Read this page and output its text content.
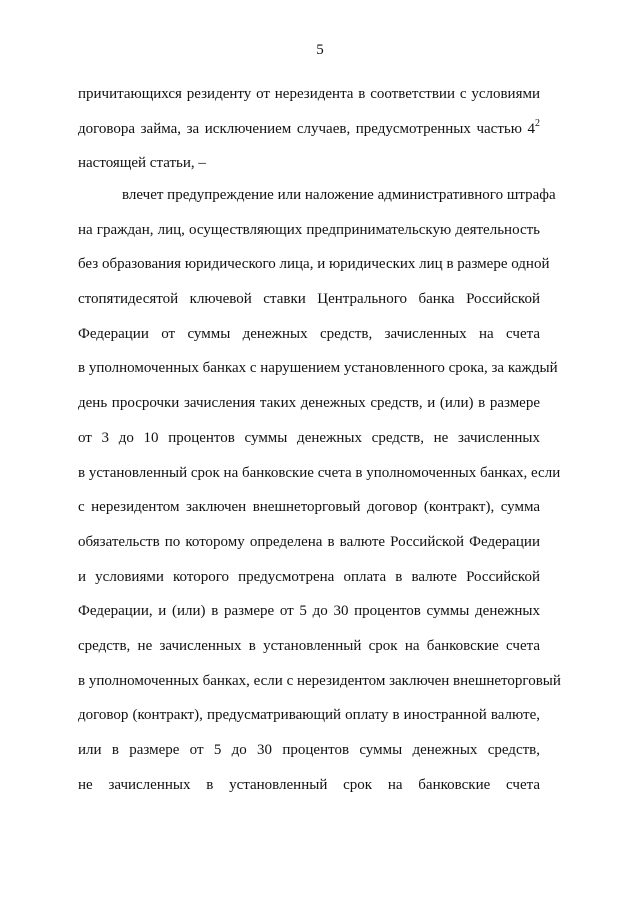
5
причитающихся резиденту от нерезидента в соответствии с условиями
договора займа, за исключением случаев, предусмотренных частью $4^2$
настоящей статьи, –
влечет предупреждение или наложение административного штрафа
на граждан, лиц, осуществляющих предпринимательскую деятельность
без образования юридического лица, и юридических лиц в размере одной
стопятидесятой ключевой ставки Центрального банка Российской
Федерации от суммы денежных средств, зачисленных на счета
в уполномоченных банках с нарушением установленного срока, за каждый
день просрочки зачисления таких денежных средств, и (или) в размере
от 3 до 10 процентов суммы денежных средств, не зачисленных
в установленный срок на банковские счета в уполномоченных банках, если
с нерезидентом заключен внешнеторговый договор (контракт), сумма
обязательств по которому определена в валюте Российской Федерации
и условиями которого предусмотрена оплата в валюте Российской
Федерации, и (или) в размере от 5 до 30 процентов суммы денежных
средств, не зачисленных в установленный срок на банковские счета
в уполномоченных банках, если с нерезидентом заключен внешнеторговый
договор (контракт), предусматривающий оплату в иностранной валюте,
или в размере от 5 до 30 процентов суммы денежных средств,
не зачисленных в установленный срок на банковские счета
